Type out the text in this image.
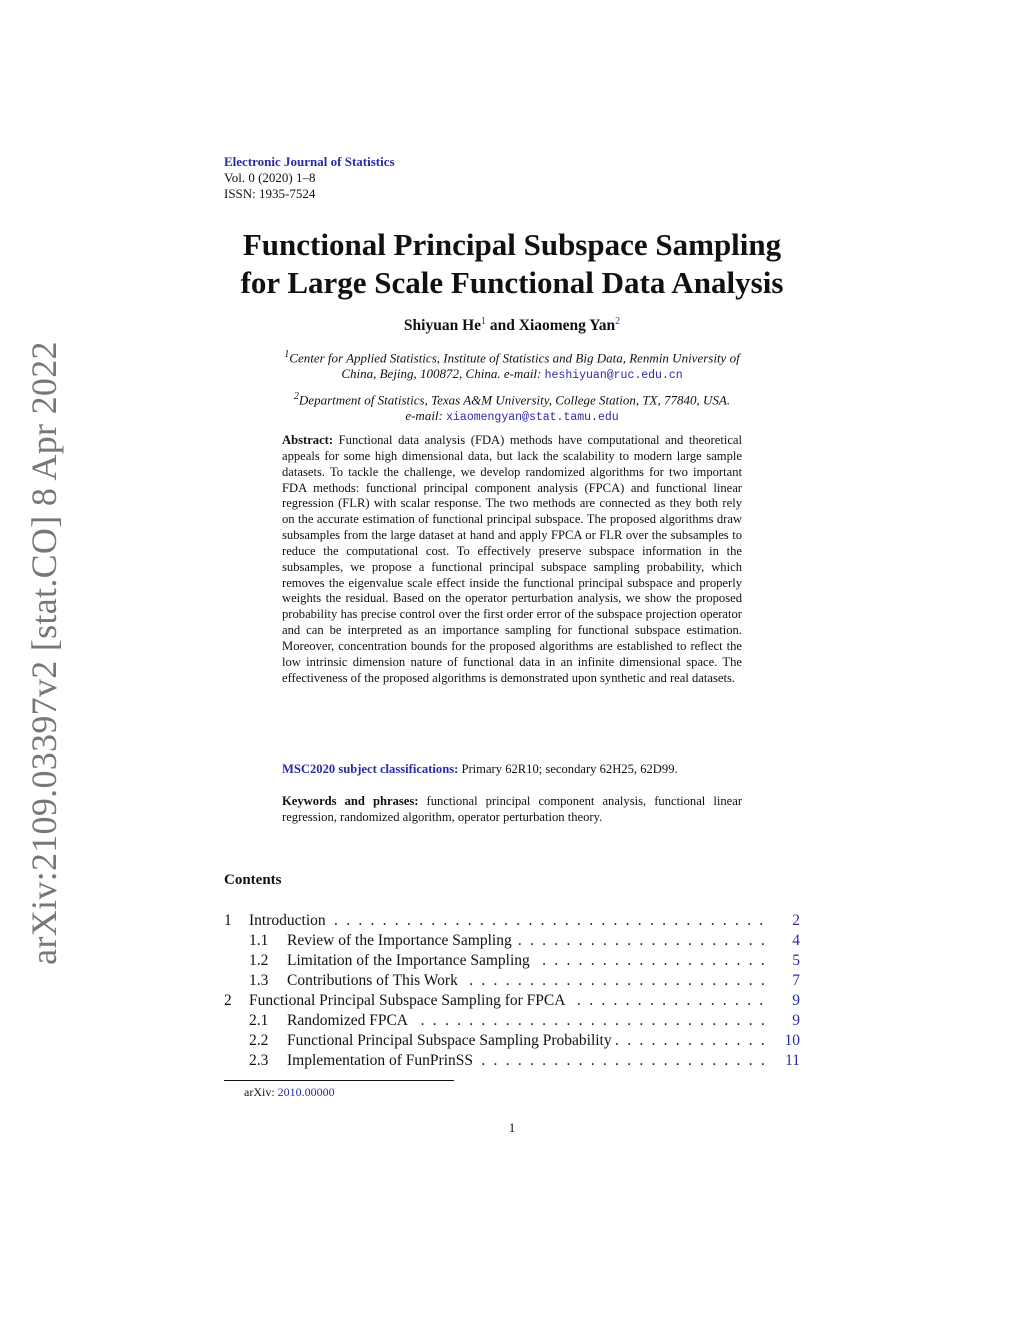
arXiv:2109.03397v2 [stat.CO] 8 Apr 2022
Electronic Journal of Statistics
Vol. 0 (2020) 1–8
ISSN: 1935-7524
Functional Principal Subspace Sampling
for Large Scale Functional Data Analysis
Shiyuan He$^1$ and Xiaomeng Yan$^2$
$^1$Center for Applied Statistics, Institute of Statistics and Big Data, Renmin University of
China, Bejing, 100872, China. e-mail: heshiyuan@ruc.edu.cn
$^2$Department of Statistics, Texas A&M University, College Station, TX, 77840, USA.
e-mail: xiaomengyan@stat.tamu.edu
Abstract: Functional data analysis (FDA) methods have computational and theoretical appeals for some high dimensional data, but lack the scalability to modern large sample datasets. To tackle the challenge, we develop randomized algorithms for two important FDA methods: functional principal component analysis (FPCA) and functional linear regression (FLR) with scalar response. The two methods are connected as they both rely on the accurate estimation of functional principal subspace. The proposed algorithms draw subsamples from the large dataset at hand and apply FPCA or FLR over the subsamples to reduce the computational cost. To effectively preserve subspace information in the subsamples, we propose a functional principal subspace sampling probability, which removes the eigenvalue scale effect inside the functional principal subspace and properly weights the residual. Based on the operator perturbation analysis, we show the proposed probability has precise control over the first order error of the subspace projection operator and can be interpreted as an importance sampling for functional subspace estimation. Moreover, concentration bounds for the proposed algorithms are established to reflect the low intrinsic dimension nature of functional data in an infinite dimensional space. The effectiveness of the proposed algorithms is demonstrated upon synthetic and real datasets.
MSC2020 subject classifications: Primary 62R10; secondary 62H25, 62D99.
Keywords and phrases: functional principal component analysis, functional linear regression, randomized algorithm, operator perturbation theory.
Contents
1 Introduction . . .	2
1.1 Review of the Importance Sampling . . .	4
1.2 Limitation of the Importance Sampling . . .	5
1.3 Contributions of This Work . . .	7
2 Functional Principal Subspace Sampling for FPCA . . .	9
2.1 Randomized FPCA . . .	9
2.2 Functional Principal Subspace Sampling Probability . . .	10
2.3 Implementation of FunPrinSS . . .	11
arXiv: 2010.00000
1
